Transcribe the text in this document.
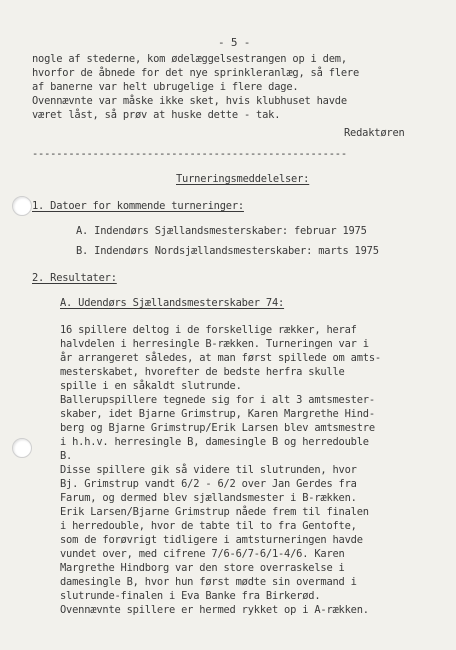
- 5 -
nogle af stederne, kom ødelæggelsestrangen op i dem,
hvorfor de åbnede for det nye sprinkleranlæg, så flere
af banerne var helt ubrugelige i flere dage.
Ovennævnte var måske ikke sket, hvis klubhuset havde
været låst, så prøv at huske dette - tak.
Redaktøren
----------------------------------------------------
Turneringsmeddelelser:
1. Datoer for kommende turneringer:
A. Indendørs Sjællandsmesterskaber: februar 1975
B. Indendørs Nordsjællandsmesterskaber: marts 1975
2. Resultater:
A. Udendørs Sjællandsmesterskaber 74:
16 spillere deltog i de forskellige rækker, heraf
halvdelen i herresingle B-rækken. Turneringen var i
år arrangeret således, at man først spillede om amts-
mesterskabet, hvorefter de bedste herfra skulle
spille i en såkaldt slutrunde.
Ballerupspillere tegnede sig for i alt 3 amtsmester-
skaber, idet Bjarne Grimstrup, Karen Margrethe Hind-
berg og Bjarne Grimstrup/Erik Larsen blev amtsmestre
i h.h.v. herresingle B, damesingle B og herredouble
B.
Disse spillere gik så videre til slutrunden, hvor
Bj. Grimstrup vandt 6/2 - 6/2 over Jan Gerdes fra
Farum, og dermed blev sjællandsmester i B-rækken.
Erik Larsen/Bjarne Grimstrup nåede frem til finalen
i herredouble, hvor de tabte til to fra Gentofte,
som de forøvrigt tidligere i amtsturneringen havde
vundet over, med cifrene 7/6-6/7-6/1-4/6. Karen
Margrethe Hindborg var den store overraskelse i
damesingle B, hvor hun først mødte sin overmand i
slutrunde-finalen i Eva Banke fra Birkerød.
Ovennævnte spillere er hermed rykket op i A-rækken.
